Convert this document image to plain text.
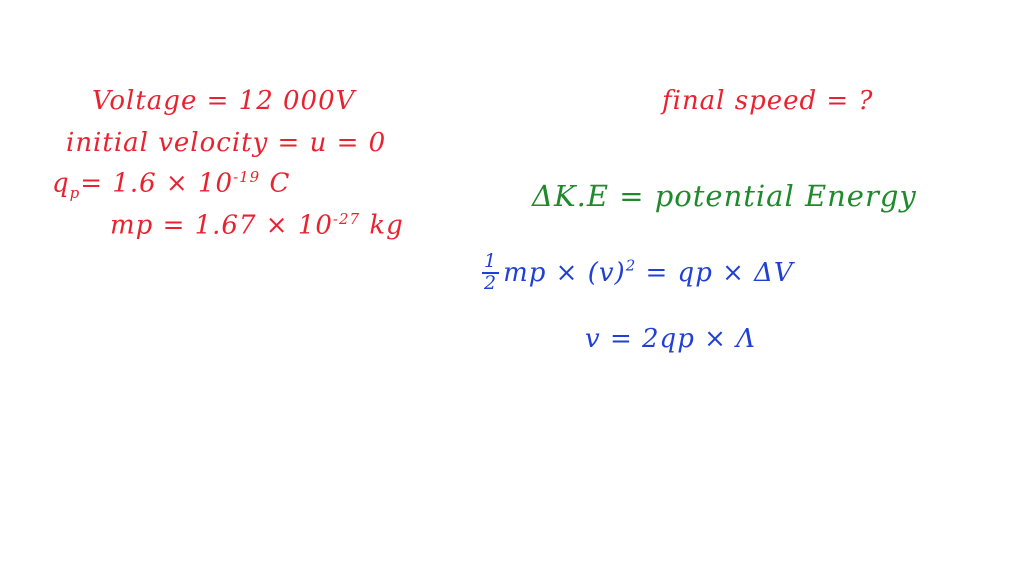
Voltage = 12 000V
initial velocity = u = 0
$q_p= 1.6 \times 10^{-19}$ C
mp = $1.67 \times 10^{-27}$ kg
final speed = ?
ΔK.E = potential Energy
$\frac{1}{2}$ mp × $(v)^2$ = qp × ΔV
v = 2qp × Λ
